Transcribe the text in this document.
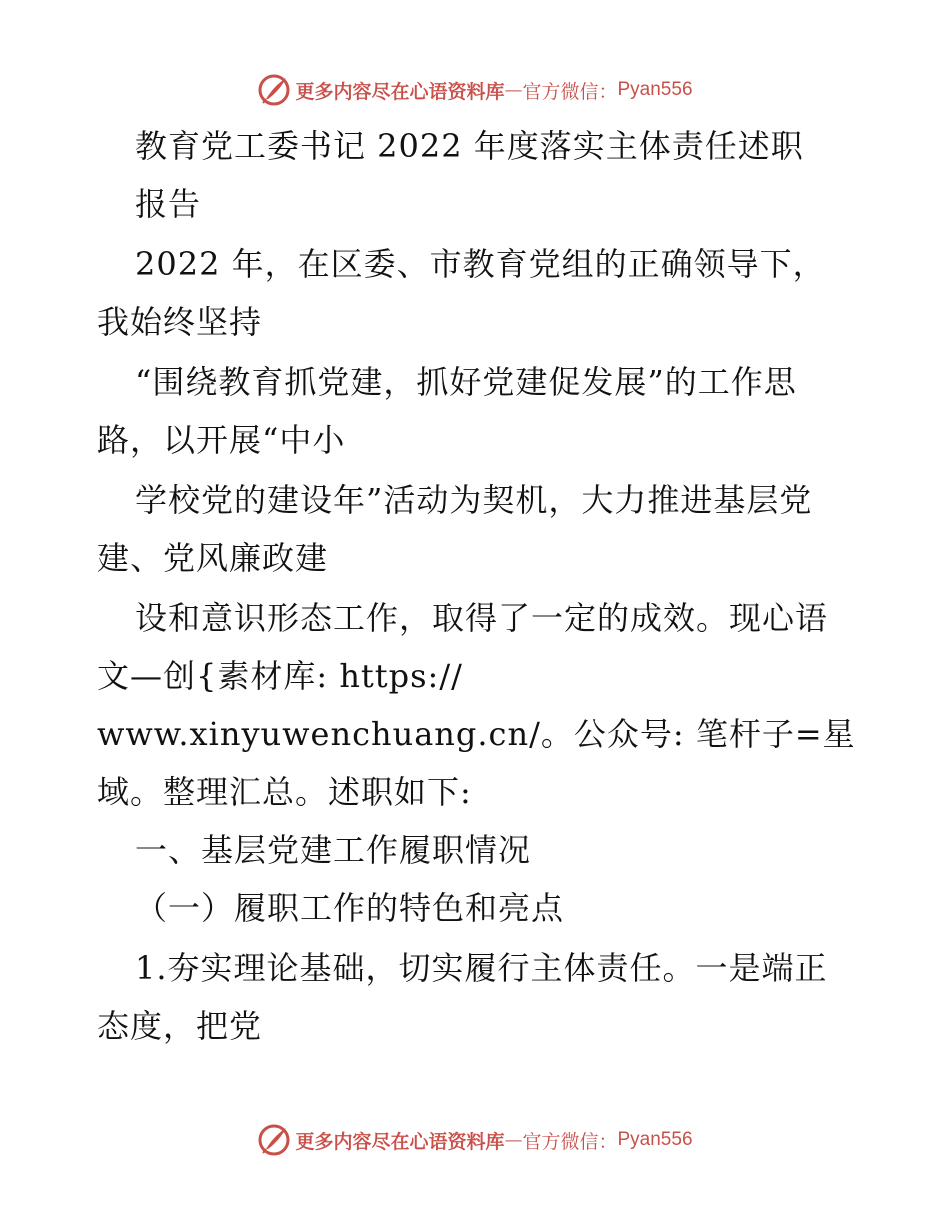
更多内容尽在心语资料库 — 官方微信： Pyan556
教育党工委书记 2022 年度落实主体责任述职
报告
2022 年，在区委、市教育党组的正确领导下，
我始终坚持
“围绕教育抓党建，抓好党建促发展”的工作思
路，以开展“中小
学校党的建设年”活动为契机，大力推进基层党
建、党风廉政建
设和意识形态工作，取得了一定的成效。现心语
文—创{素材库: https://
www.xinyuwenchuang.cn/。公众号: 笔杆子=星
域。整理汇总。述职如下:
一、基层党建工作履职情况
（一）履职工作的特色和亮点
1.夯实理论基础，切实履行主体责任。一是端正
态度，把党
更多内容尽在心语资料库 — 官方微信： Pyan556
